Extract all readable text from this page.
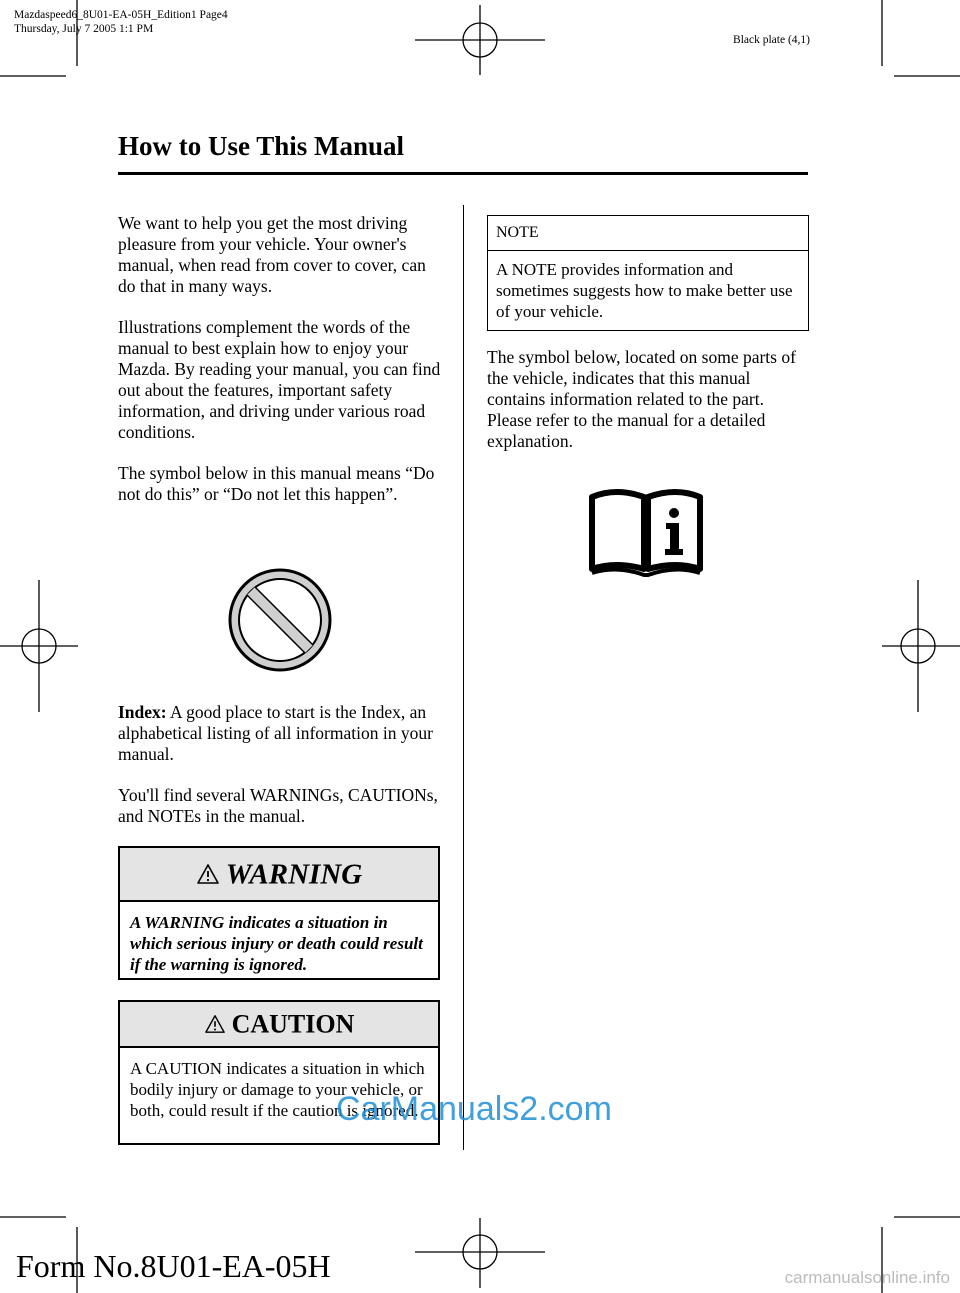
Mazdaspeed6_8U01-EA-05H_Edition1 Page4
Thursday, July 7 2005 1:1 PM
Black plate (4,1)
How to Use This Manual

We want to help you get the most driving pleasure from your vehicle. Your owner's manual, when read from cover to cover, can do that in many ways.

Illustrations complement the words of the manual to best explain how to enjoy your Mazda. By reading your manual, you can find out about the features, important safety information, and driving under various road conditions.

The symbol below in this manual means “Do not do this” or “Do not let this happen”.

Index: A good place to start is the Index, an alphabetical listing of all information in your manual.

You'll find several WARNINGs, CAUTIONs, and NOTEs in the manual.

WARNING
A WARNING indicates a situation in which serious injury or death could result if the warning is ignored.
CAUTION
A CAUTION indicates a situation in which bodily injury or damage to your vehicle, or both, could result if the caution is ignored.
NOTE
A NOTE provides information and sometimes suggests how to make better use of your vehicle.

The symbol below, located on some parts of the vehicle, indicates that this manual contains information related to the part. Please refer to the manual for a detailed explanation.

Form No.8U01-EA-05H
CarManuals2.com
carmanualsonline.info
